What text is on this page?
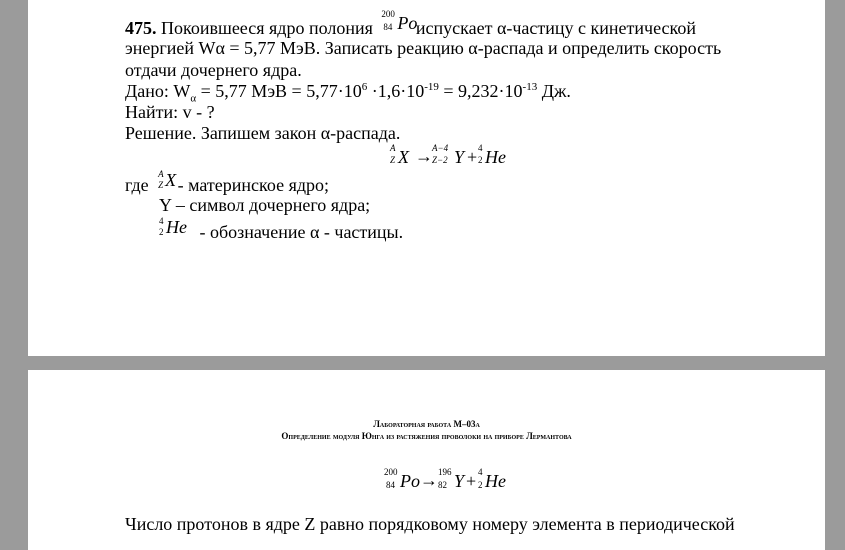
475. Покоившееся ядро полония
200
84 Po
испускает α-частицу с кинетической
энергией Wα = 5,77 МэВ. Записать реакцию α-распада и определить скорость
отдачи дочернего ядра.
Дано: $W_\alpha = 5,77$ МэВ = $5,77\cdot 10^6 \cdot 1,6\cdot 10^{-19} = 9,232\cdot 10^{-13}$ Дж.
Найти: v - ?
Решение. Запишем закон α-распада.
A
Z X → A−4
Z−2 Y + 4
2 He
где
A
Z X - материнское ядро;
Y – символ дочернего ядра;
4
2 He - обозначение α - частицы.
Лабораторная работа М–03а
Определение модуля Юнга из растяжения проволоки на приборе Лермантова
200
84 Po → 196
82 Y + 4
2 He
Число протонов в ядре Z равно порядковому номеру элемента в периодической
